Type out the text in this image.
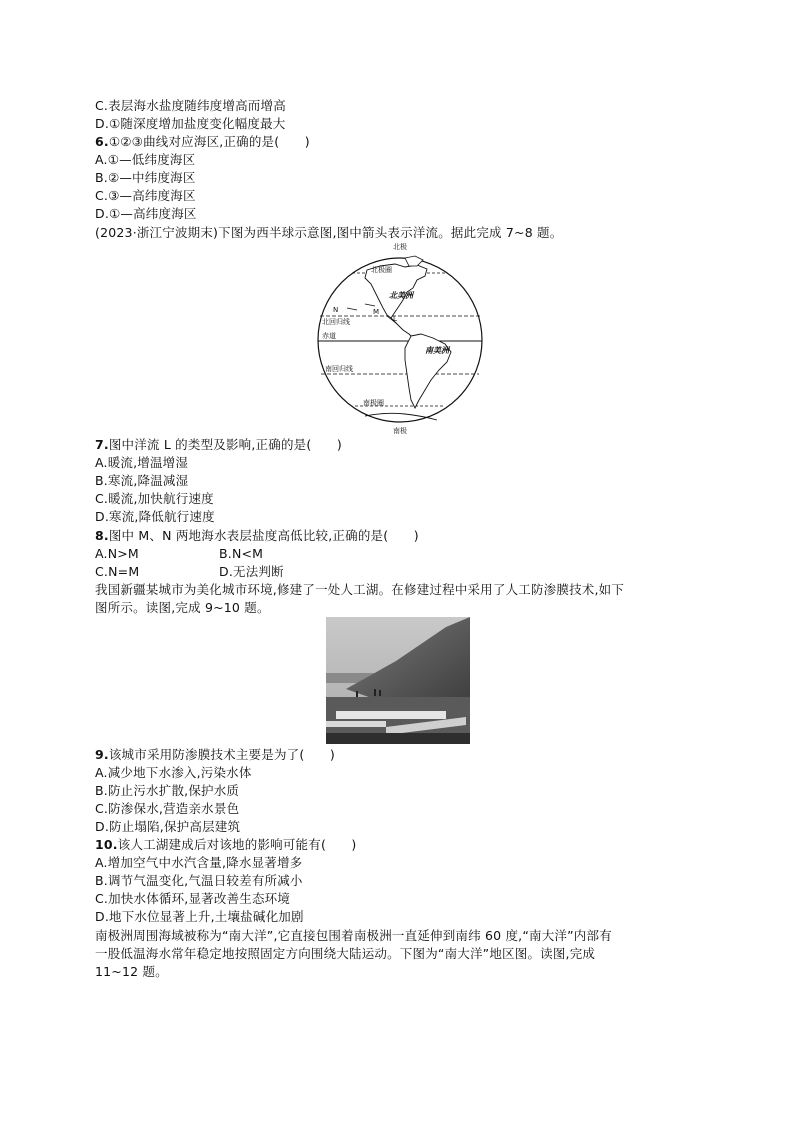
C.表层海水盐度随纬度增高而增高
D.①随深度增加盐度变化幅度最大
6.①②③曲线对应海区,正确的是(　　)
A.①—低纬度海区
B.②—中纬度海区
C.③—高纬度海区
D.①—高纬度海区
(2023·浙江宁波期末)下图为西半球示意图,图中箭头表示洋流。据此完成 7~8 题。
北极
北极圈
北美洲
N	M
L
北回归线
赤道
南美洲
南回归线
南极圈
南极
7.图中洋流 L 的类型及影响,正确的是(　　)
A.暖流,增温增湿
B.寒流,降温减湿
C.暖流,加快航行速度
D.寒流,降低航行速度
8.图中 M、N 两地海水表层盐度高低比较,正确的是(　　)
A.N>M	B.N<M
C.N=M	D.无法判断
我国新疆某城市为美化城市环境,修建了一处人工湖。在修建过程中采用了人工防渗膜技术,如下
图所示。读图,完成 9~10 题。
9.该城市采用防渗膜技术主要是为了(　　)
A.减少地下水渗入,污染水体
B.防止污水扩散,保护水质
C.防渗保水,营造亲水景色
D.防止塌陷,保护高层建筑
10.该人工湖建成后对该地的影响可能有(　　)
A.增加空气中水汽含量,降水显著增多
B.调节气温变化,气温日较差有所减小
C.加快水体循环,显著改善生态环境
D.地下水位显著上升,土壤盐碱化加剧
南极洲周围海域被称为“南大洋”,它直接包围着南极洲一直延伸到南纬 60 度,“南大洋”内部有
一股低温海水常年稳定地按照固定方向围绕大陆运动。下图为“南大洋”地区图。读图,完成
11~12 题。
